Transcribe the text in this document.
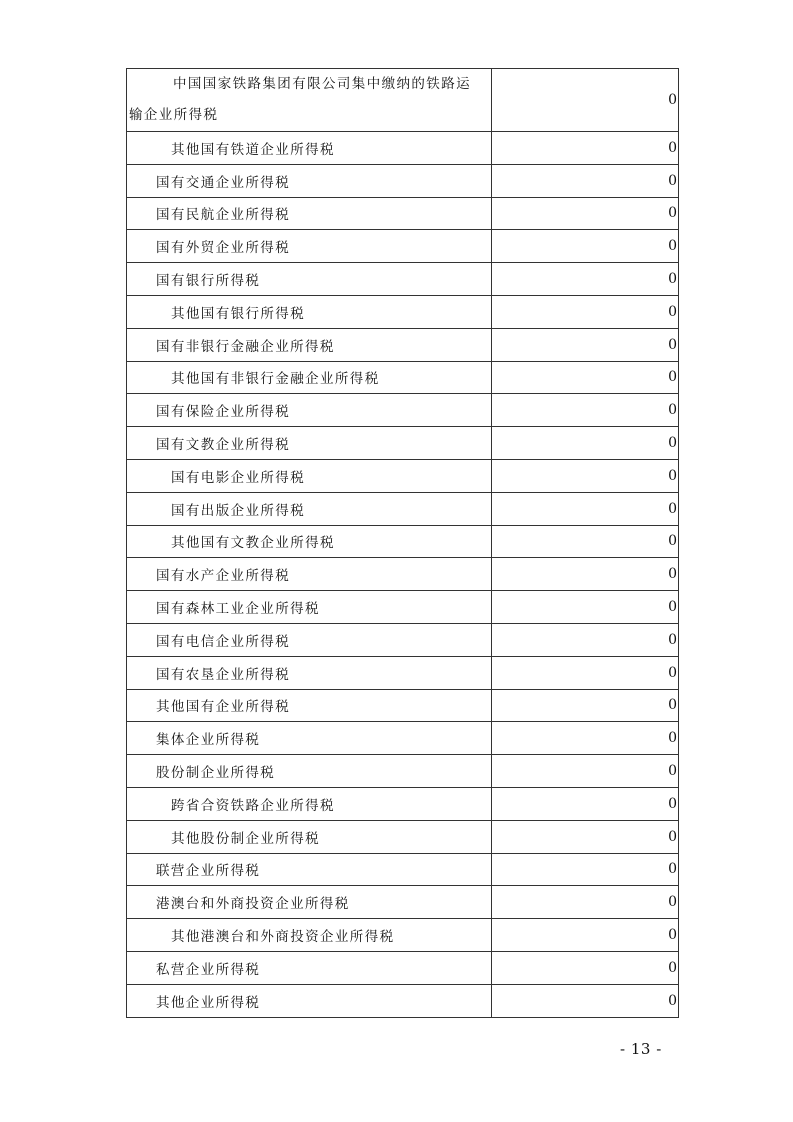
中国国家铁路集团有限公司集中缴纳的铁路运输企业所得税	0
其他国有铁道企业所得税	0
国有交通企业所得税	0
国有民航企业所得税	0
国有外贸企业所得税	0
国有银行所得税	0
其他国有银行所得税	0
国有非银行金融企业所得税	0
其他国有非银行金融企业所得税	0
国有保险企业所得税	0
国有文教企业所得税	0
国有电影企业所得税	0
国有出版企业所得税	0
其他国有文教企业所得税	0
国有水产企业所得税	0
国有森林工业企业所得税	0
国有电信企业所得税	0
国有农垦企业所得税	0
其他国有企业所得税	0
集体企业所得税	0
股份制企业所得税	0
跨省合资铁路企业所得税	0
其他股份制企业所得税	0
联营企业所得税	0
港澳台和外商投资企业所得税	0
其他港澳台和外商投资企业所得税	0
私营企业所得税	0
其他企业所得税	0
- 13 -
